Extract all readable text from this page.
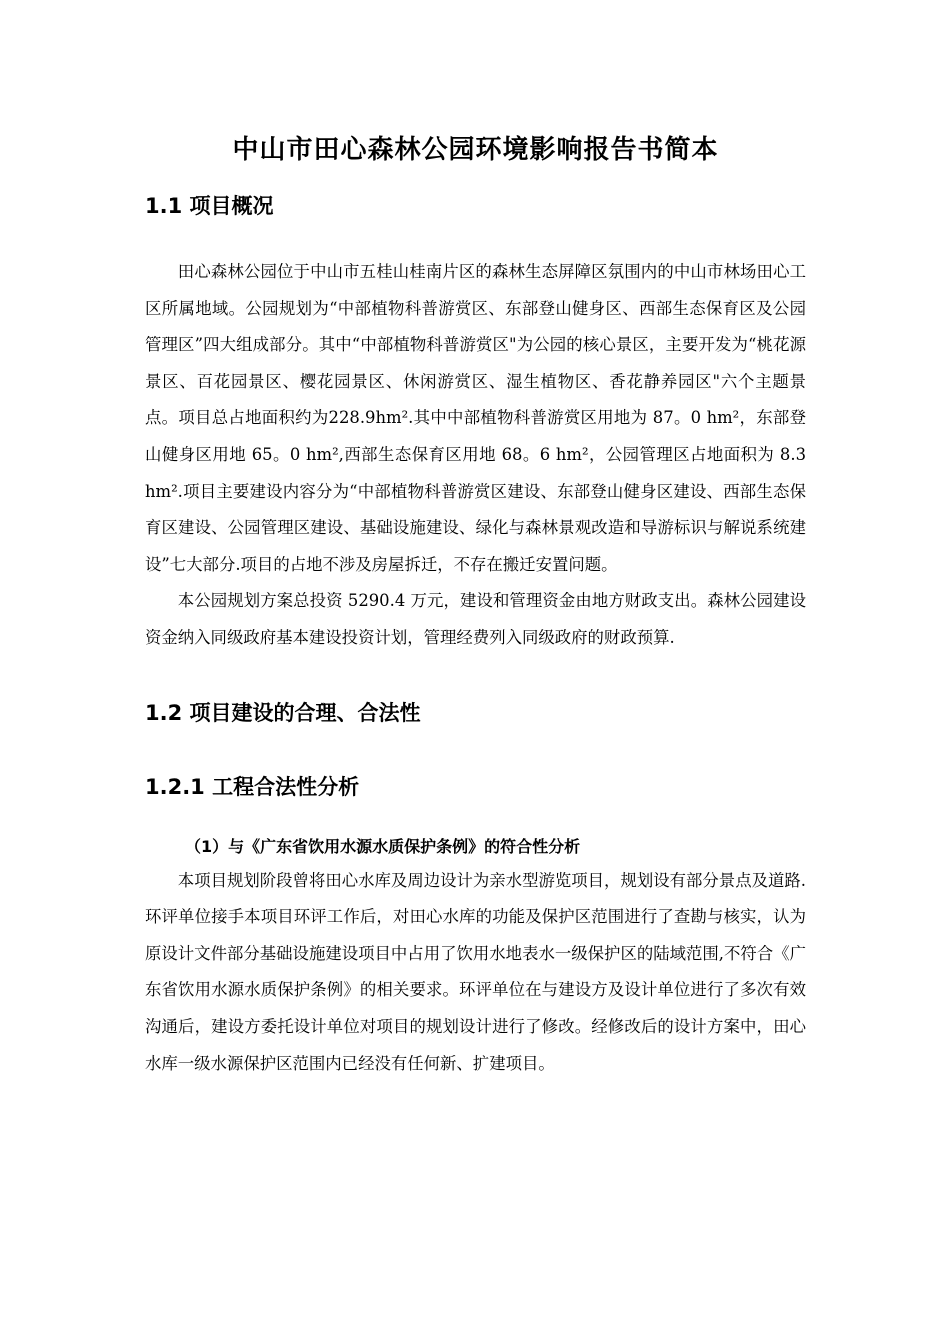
中山市田心森林公园环境影响报告书简本
1.1 项目概况

田心森林公园位于中山市五桂山桂南片区的森林生态屏障区氛围内的中山市林场田心工区所属地域。公园规划为“中部植物科普游赏区、东部登山健身区、西部生态保育区及公园管理区”四大组成部分。其中“中部植物科普游赏区"为公园的核心景区，主要开发为“桃花源景区、百花园景区、樱花园景区、休闲游赏区、湿生植物区、香花静养园区"六个主题景点。项目总占地面积约为228.9hm².其中中部植物科普游赏区用地为 87。0 hm²，东部登山健身区用地 65。0 hm²,西部生态保育区用地 68。6 hm²，公园管理区占地面积为 8.3 hm².项目主要建设内容分为“中部植物科普游赏区建设、东部登山健身区建设、西部生态保育区建设、公园管理区建设、基础设施建设、绿化与森林景观改造和导游标识与解说系统建设”七大部分.项目的占地不涉及房屋拆迁，不存在搬迁安置问题。

本公园规划方案总投资 5290.4 万元，建设和管理资金由地方财政支出。森林公园建设资金纳入同级政府基本建设投资计划，管理经费列入同级政府的财政预算.

1.2 项目建设的合理、合法性
1.2.1 工程合法性分析
（1）与《广东省饮用水源水质保护条例》的符合性分析

本项目规划阶段曾将田心水库及周边设计为亲水型游览项目，规划设有部分景点及道路.环评单位接手本项目环评工作后，对田心水库的功能及保护区范围进行了查勘与核实，认为原设计文件部分基础设施建设项目中占用了饮用水地表水一级保护区的陆域范围,不符合《广东省饮用水源水质保护条例》的相关要求。环评单位在与建设方及设计单位进行了多次有效沟通后，建设方委托设计单位对项目的规划设计进行了修改。经修改后的设计方案中，田心水库一级水源保护区范围内已经没有任何新、扩建项目。
